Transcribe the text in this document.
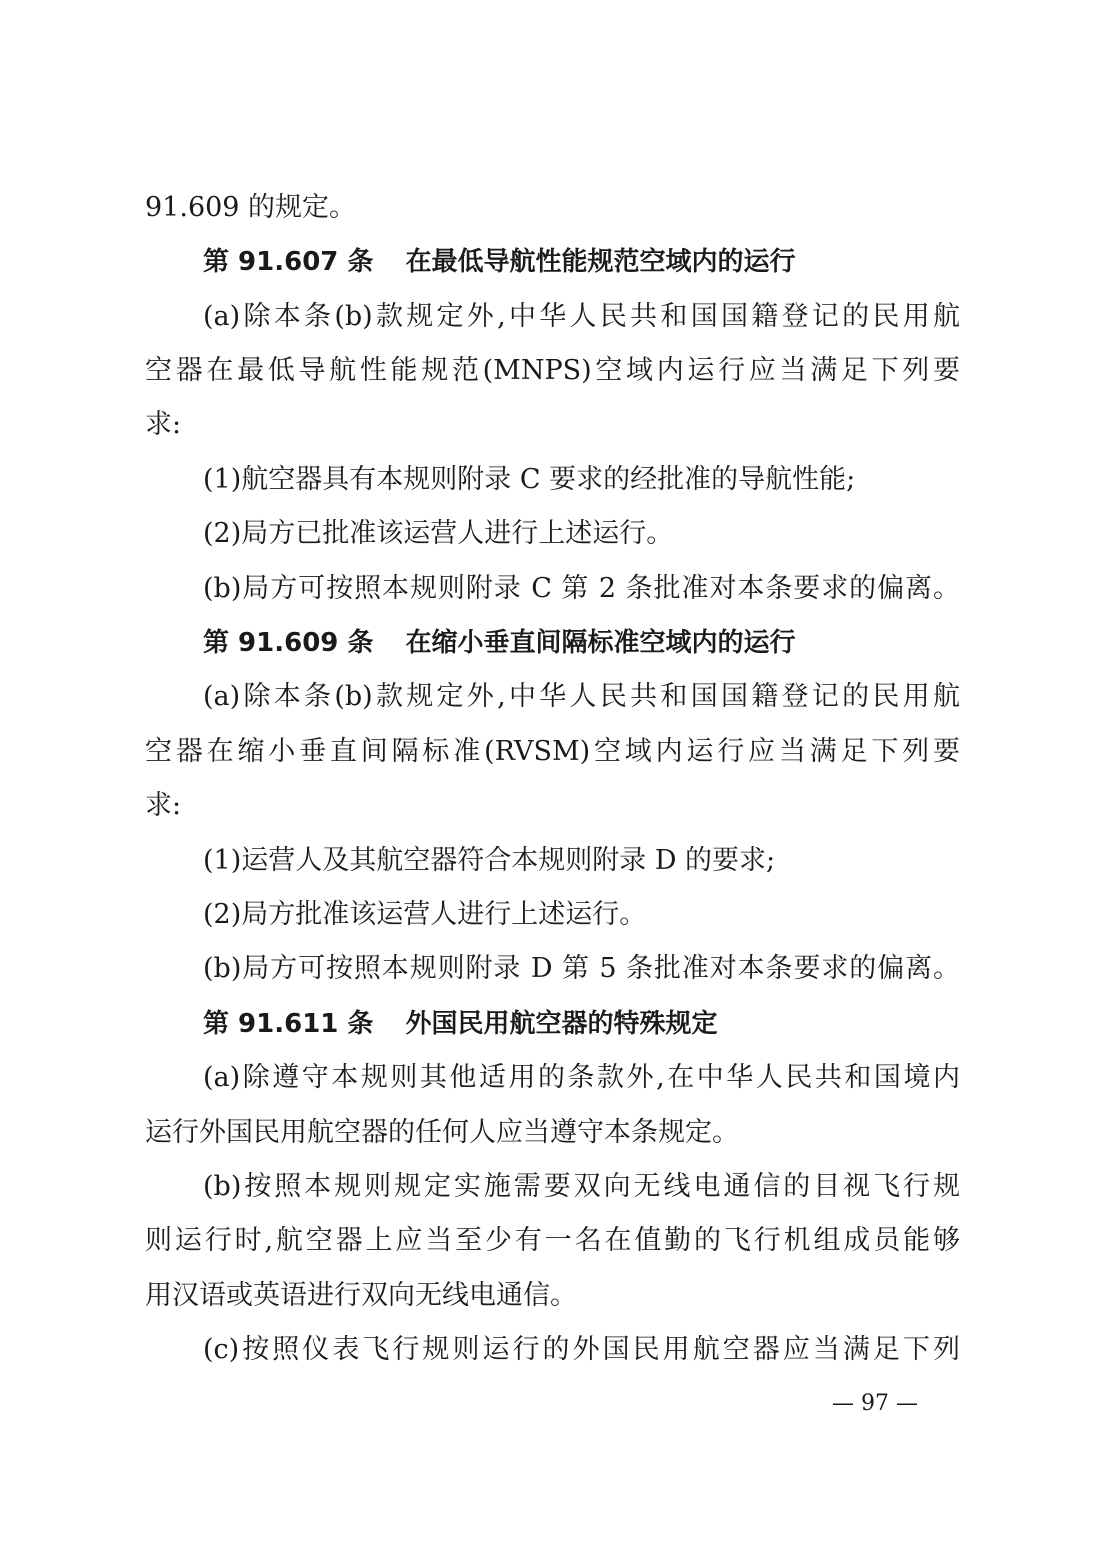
91.609 的规定。
第 91.607 条 在最低导航性能规范空域内的运行
(a)除本条(b)款规定外,中华人民共和国国籍登记的民用航
空器在最低导航性能规范(MNPS)空域内运行应当满足下列要
求:
(1)航空器具有本规则附录 C 要求的经批准的导航性能;
(2)局方已批准该运营人进行上述运行。
(b)局方可按照本规则附录 C 第 2 条批准对本条要求的偏离。
第 91.609 条 在缩小垂直间隔标准空域内的运行
(a)除本条(b)款规定外,中华人民共和国国籍登记的民用航
空器在缩小垂直间隔标准(RVSM)空域内运行应当满足下列要
求:
(1)运营人及其航空器符合本规则附录 D 的要求;
(2)局方批准该运营人进行上述运行。
(b)局方可按照本规则附录 D 第 5 条批准对本条要求的偏离。
第 91.611 条 外国民用航空器的特殊规定
(a)除遵守本规则其他适用的条款外,在中华人民共和国境内
运行外国民用航空器的任何人应当遵守本条规定。
(b)按照本规则规定实施需要双向无线电通信的目视飞行规
则运行时,航空器上应当至少有一名在值勤的飞行机组成员能够
用汉语或英语进行双向无线电通信。
(c)按照仪表飞行规则运行的外国民用航空器应当满足下列
— 97 —
